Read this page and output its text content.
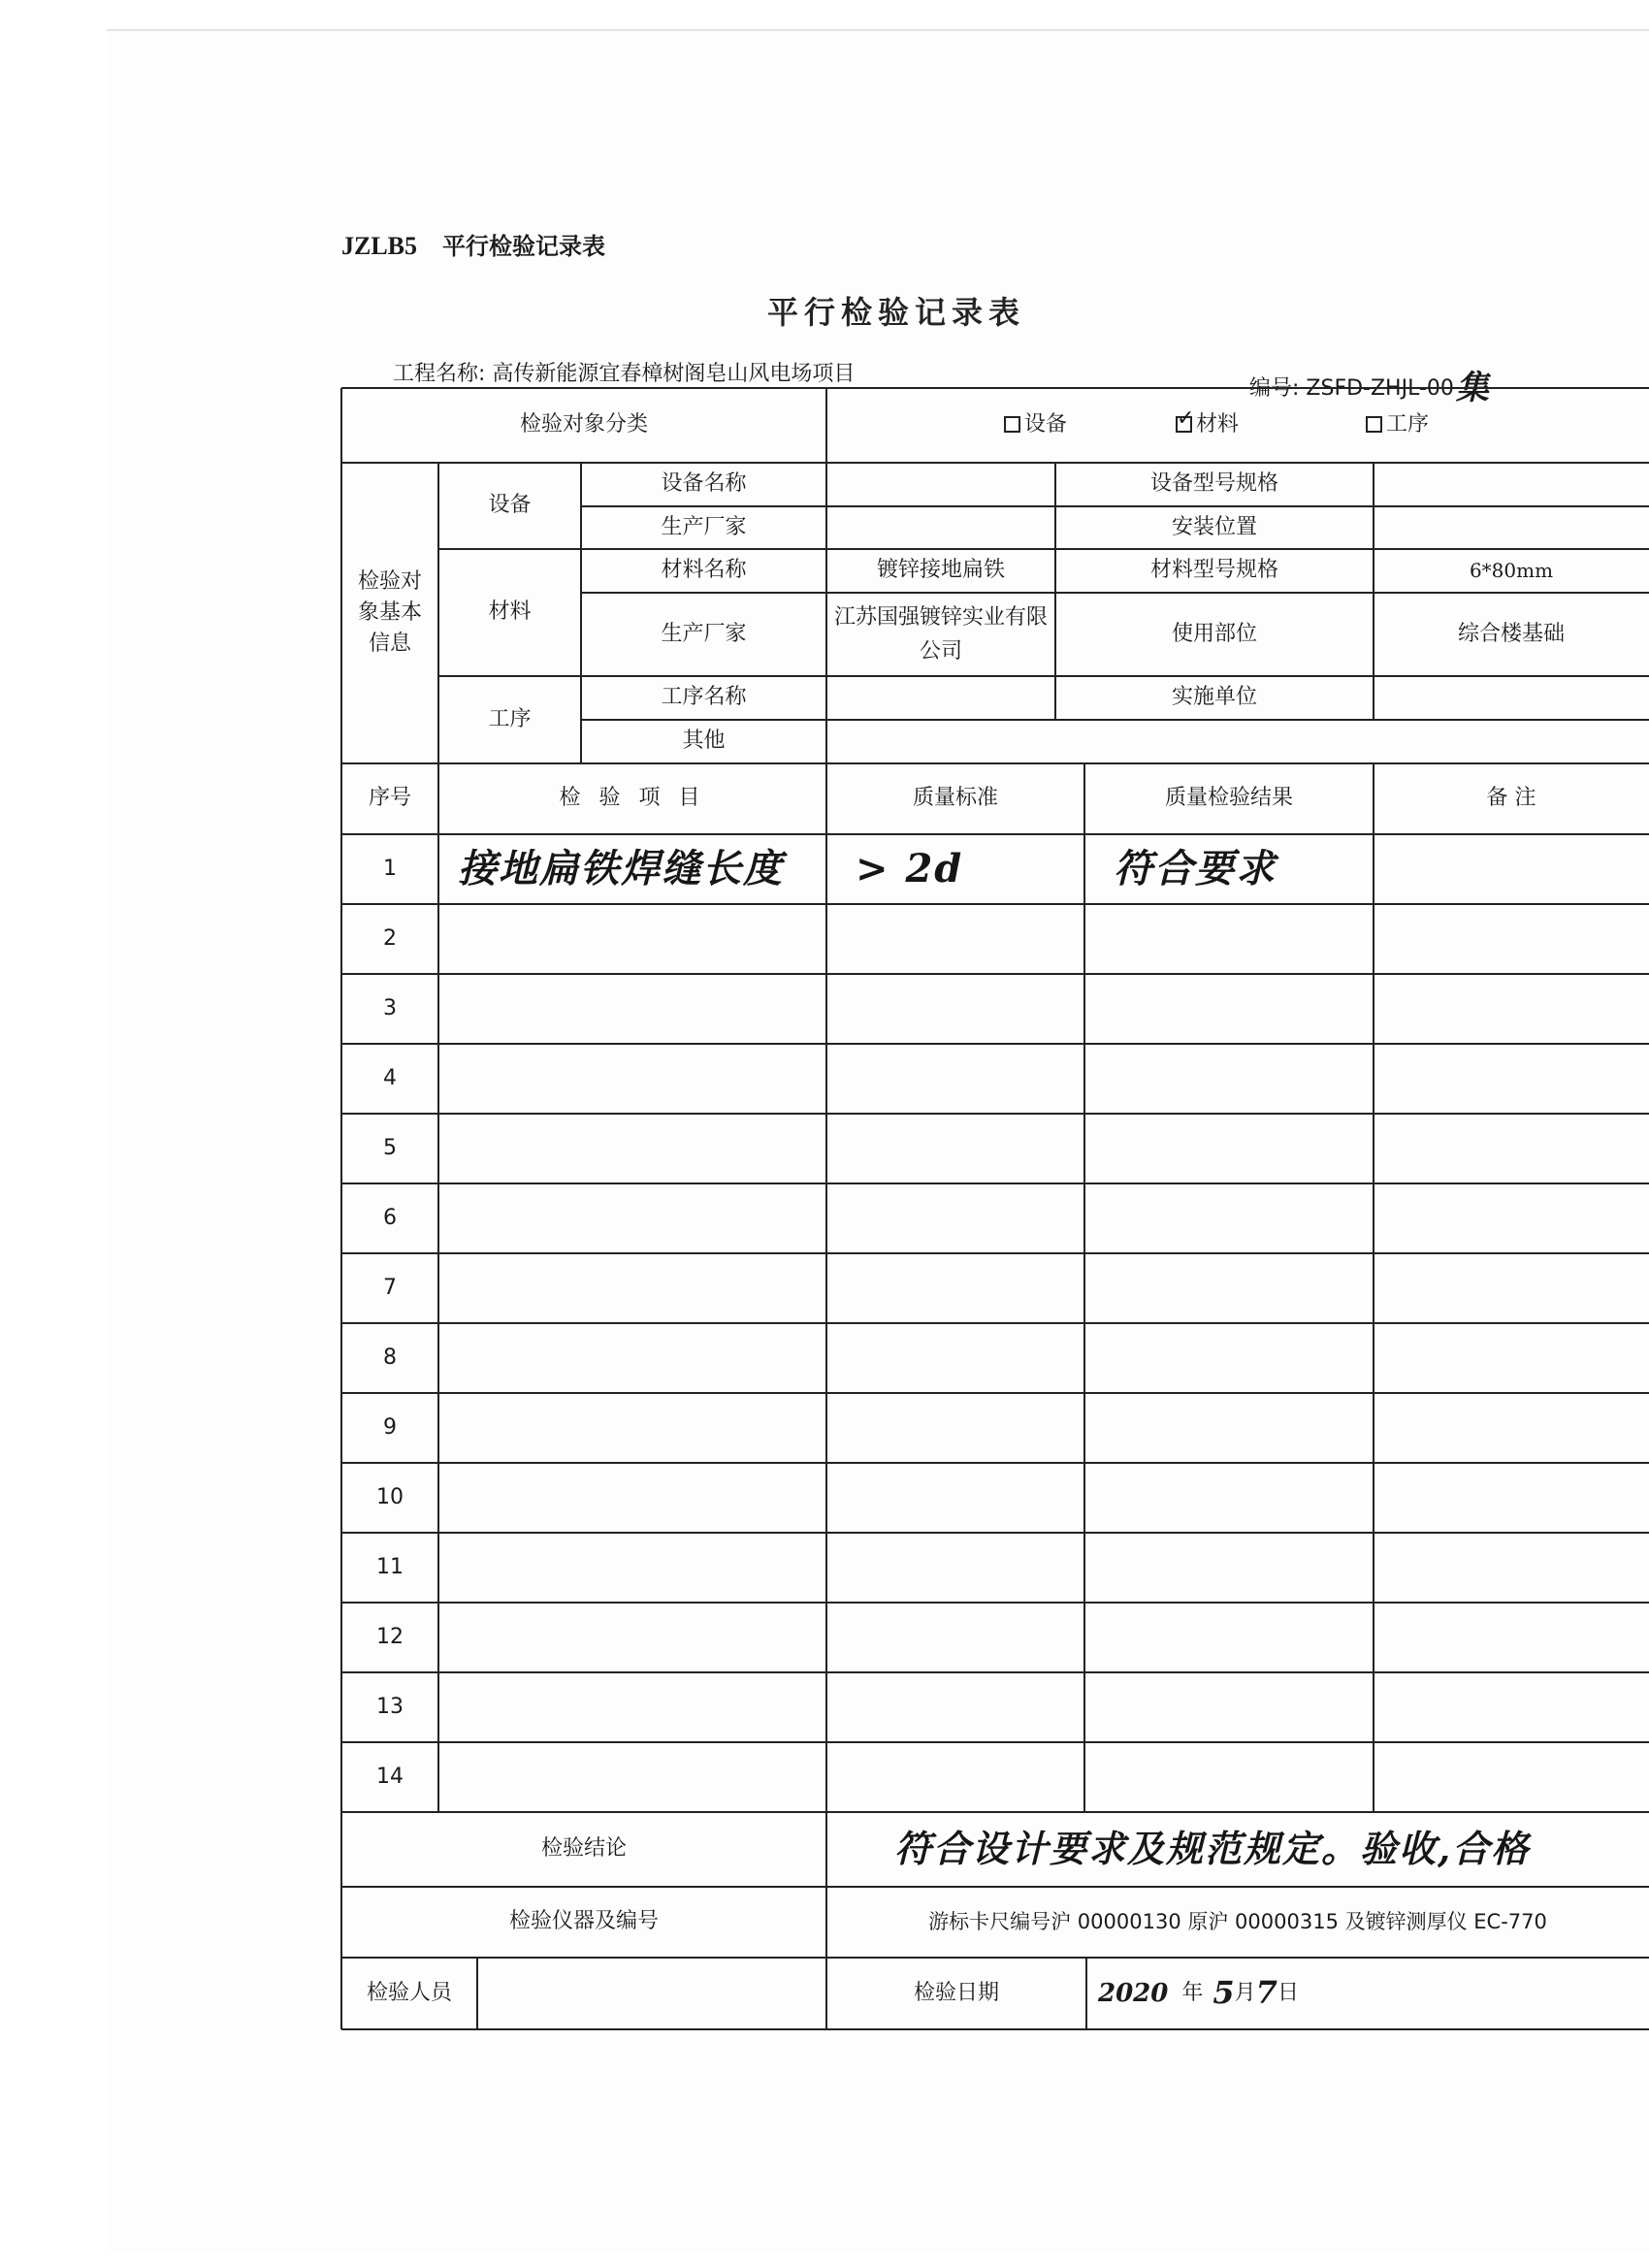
JZLB5 平行检验记录表
平行检验记录表
工程名称: 高传新能源宜春樟树阁皂山风电场项目
编号: ZSFD-ZHJL-00集
检验对象分类	设备
✓	材料	工序
检验对象基本信息
设备
设备名称	设备型号规格
生产厂家	安装位置
材料
材料名称	镀锌接地扁铁	材料型号规格	6*80mm
生产厂家
江苏国强镀锌实业有限公司
使用部位	综合楼基础
工序
工序名称	实施单位
其他
序号	检 验 项 目	质量标准	质量检验结果	备 注
1	接地扁铁焊缝长度	> 2d	符合要求
2
3
4
5
6
7
8
9
10
11
12
13
14
检验结论	符合设计要求及规范规定。验收,合格
检验仪器及编号	游标卡尺编号沪 00000130 原沪 00000315 及镀锌测厚仪 EC-770
检验人员	检验日期	2020 年 5 月 7 日
